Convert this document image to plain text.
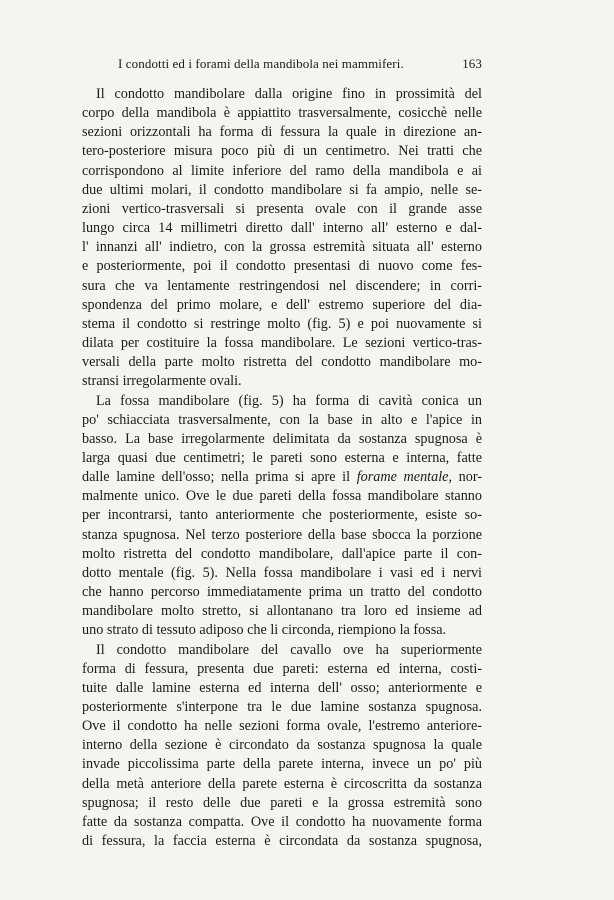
I condotti ed i forami della mandibola nei mammiferi.	163

Il condotto mandibolare dalla origine fino in prossimità del
corpo della mandibola è appiattito trasversalmente, cosicchè nelle
sezioni orizzontali ha forma di fessura la quale in direzione an-
tero-posteriore misura poco più di un centimetro. Nei tratti che
corrispondono al limite inferiore del ramo della mandibola e ai
due ultimi molari, il condotto mandibolare si fa ampio, nelle se-
zioni vertico-trasversali si presenta ovale con il grande asse
lungo circa 14 millimetri diretto dall' interno all' esterno e dal-
l' innanzi all' indietro, con la grossa estremità situata all' esterno
e posteriormente, poi il condotto presentasi di nuovo come fes-
sura che va lentamente restringendosi nel discendere; in corri-
spondenza del primo molare, e dell' estremo superiore del dia-
stema il condotto si restringe molto (fig. 5) e poi nuovamente si
dilata per costituire la fossa mandibolare. Le sezioni vertico-tras-
versali della parte molto ristretta del condotto mandibolare mo-
stransi irregolarmente ovali.

La fossa mandibolare (fig. 5) ha forma di cavità conica un
po' schiacciata trasversalmente, con la base in alto e l'apice in
basso. La base irregolarmente delimitata da sostanza spugnosa è
larga quasi due centimetri; le pareti sono esterna e interna, fatte
dalle lamine dell'osso; nella prima si apre il forame mentale, nor-
malmente unico. Ove le due pareti della fossa mandibolare stanno
per incontrarsi, tanto anteriormente che posteriormente, esiste so-
stanza spugnosa. Nel terzo posteriore della base sbocca la porzione
molto ristretta del condotto mandibolare, dall'apice parte il con-
dotto mentale (fig. 5). Nella fossa mandibolare i vasi ed i nervi
che hanno percorso immediatamente prima un tratto del condotto
mandibolare molto stretto, si allontanano tra loro ed insieme ad
uno strato di tessuto adiposo che li circonda, riempiono la fossa.

Il condotto mandibolare del cavallo ove ha superiormente
forma di fessura, presenta due pareti: esterna ed interna, costi-
tuite dalle lamine esterna ed interna dell' osso; anteriormente e
posteriormente s'interpone tra le due lamine sostanza spugnosa.
Ove il condotto ha nelle sezioni forma ovale, l'estremo anteriore-
interno della sezione è circondato da sostanza spugnosa la quale
invade piccolissima parte della parete interna, invece un po' più
della metà anteriore della parete esterna è circoscritta da sostanza
spugnosa; il resto delle due pareti e la grossa estremità sono
fatte da sostanza compatta. Ove il condotto ha nuovamente forma
di fessura, la faccia esterna è circondata da sostanza spugnosa,
